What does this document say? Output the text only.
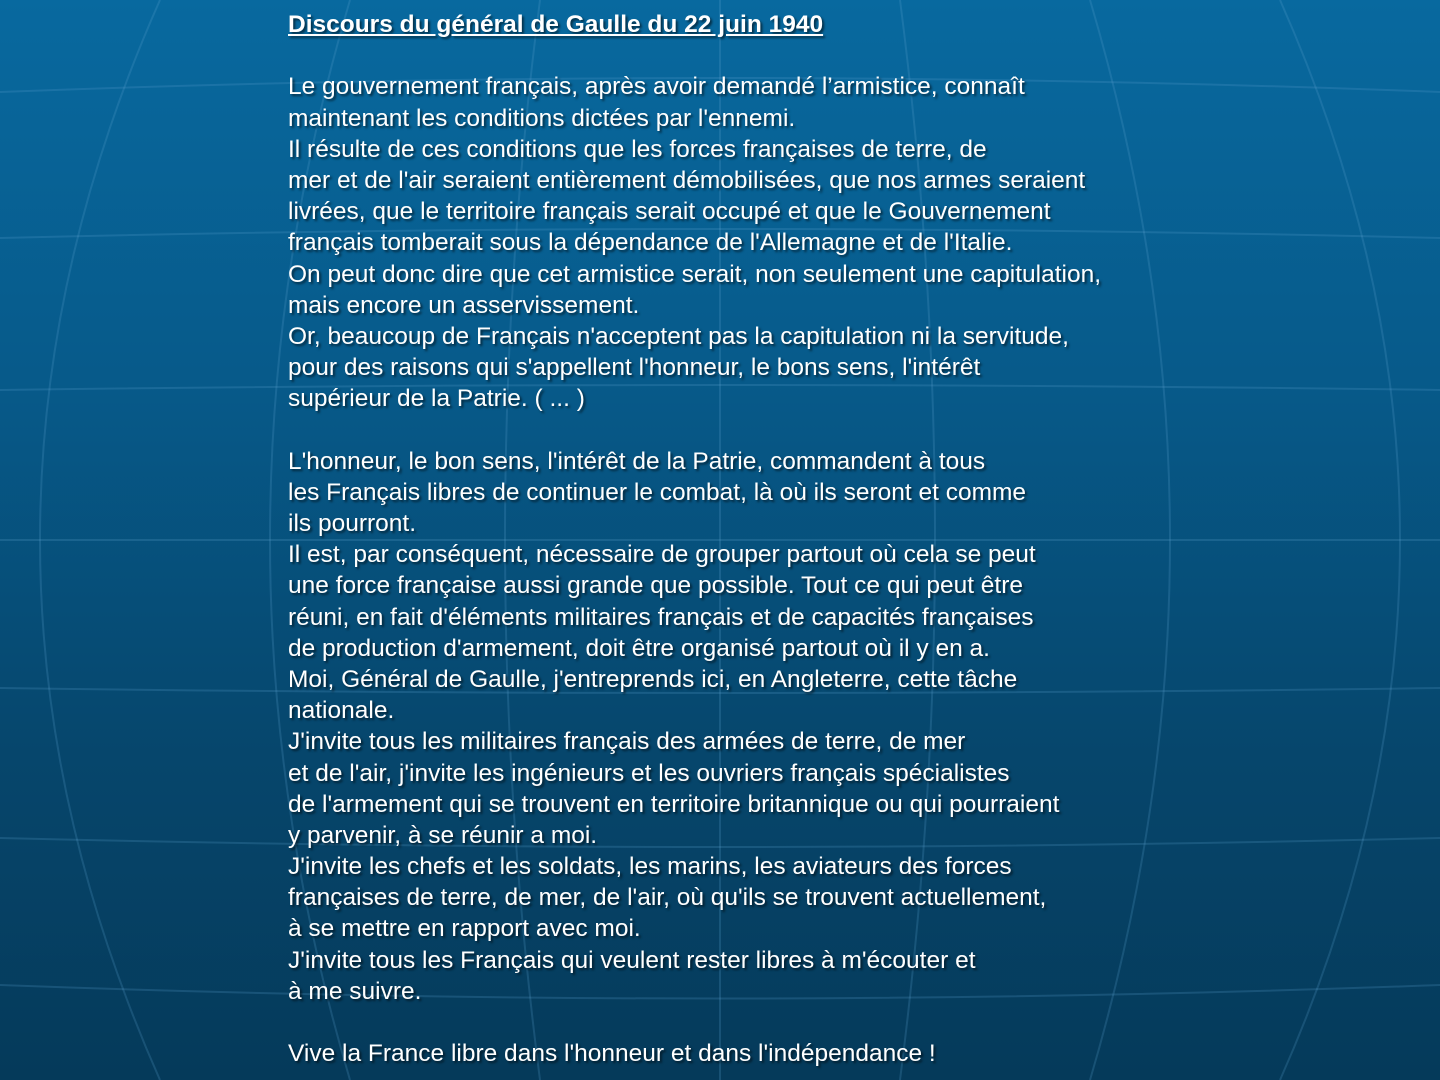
Discours du général de Gaulle du 22 juin 1940
Le gouvernement français, après avoir demandé l’armistice, connaît
maintenant les conditions dictées par l'ennemi.
Il résulte de ces conditions que les forces françaises de terre, de
mer et de l'air seraient entièrement démobilisées, que nos armes seraient
livrées, que le territoire français serait occupé et que le Gouvernement
français tomberait sous la dépendance de l'Allemagne et de l'Italie.
On peut donc dire que cet armistice serait, non seulement une capitulation,
mais encore un asservissement.
Or, beaucoup de Français n'acceptent pas la capitulation ni la servitude,
pour des raisons qui s'appellent l'honneur, le bons sens, l'intérêt
supérieur de la Patrie. ( ... )
L'honneur, le bon sens, l'intérêt de la Patrie, commandent à tous
les Français libres de continuer le combat, là où ils seront et comme
ils pourront.
Il est, par conséquent, nécessaire de grouper partout où cela se peut
une force française aussi grande que possible. Tout ce qui peut être
réuni, en fait d'éléments militaires français et de capacités françaises
de production d'armement, doit être organisé partout où il y en a.
Moi, Général de Gaulle, j'entreprends ici, en Angleterre, cette tâche
nationale.
J'invite tous les militaires français des armées de terre, de mer
et de l'air, j'invite les ingénieurs et les ouvriers français spécialistes
de l'armement qui se trouvent en territoire britannique ou qui pourraient
y parvenir, à se réunir a moi.
J'invite les chefs et les soldats, les marins, les aviateurs des forces
françaises de terre, de mer, de l'air, où qu'ils se trouvent actuellement,
à se mettre en rapport avec moi.
J'invite tous les Français qui veulent rester libres à m'écouter et
à me suivre.
Vive la France libre dans l'honneur et dans l'indépendance !
